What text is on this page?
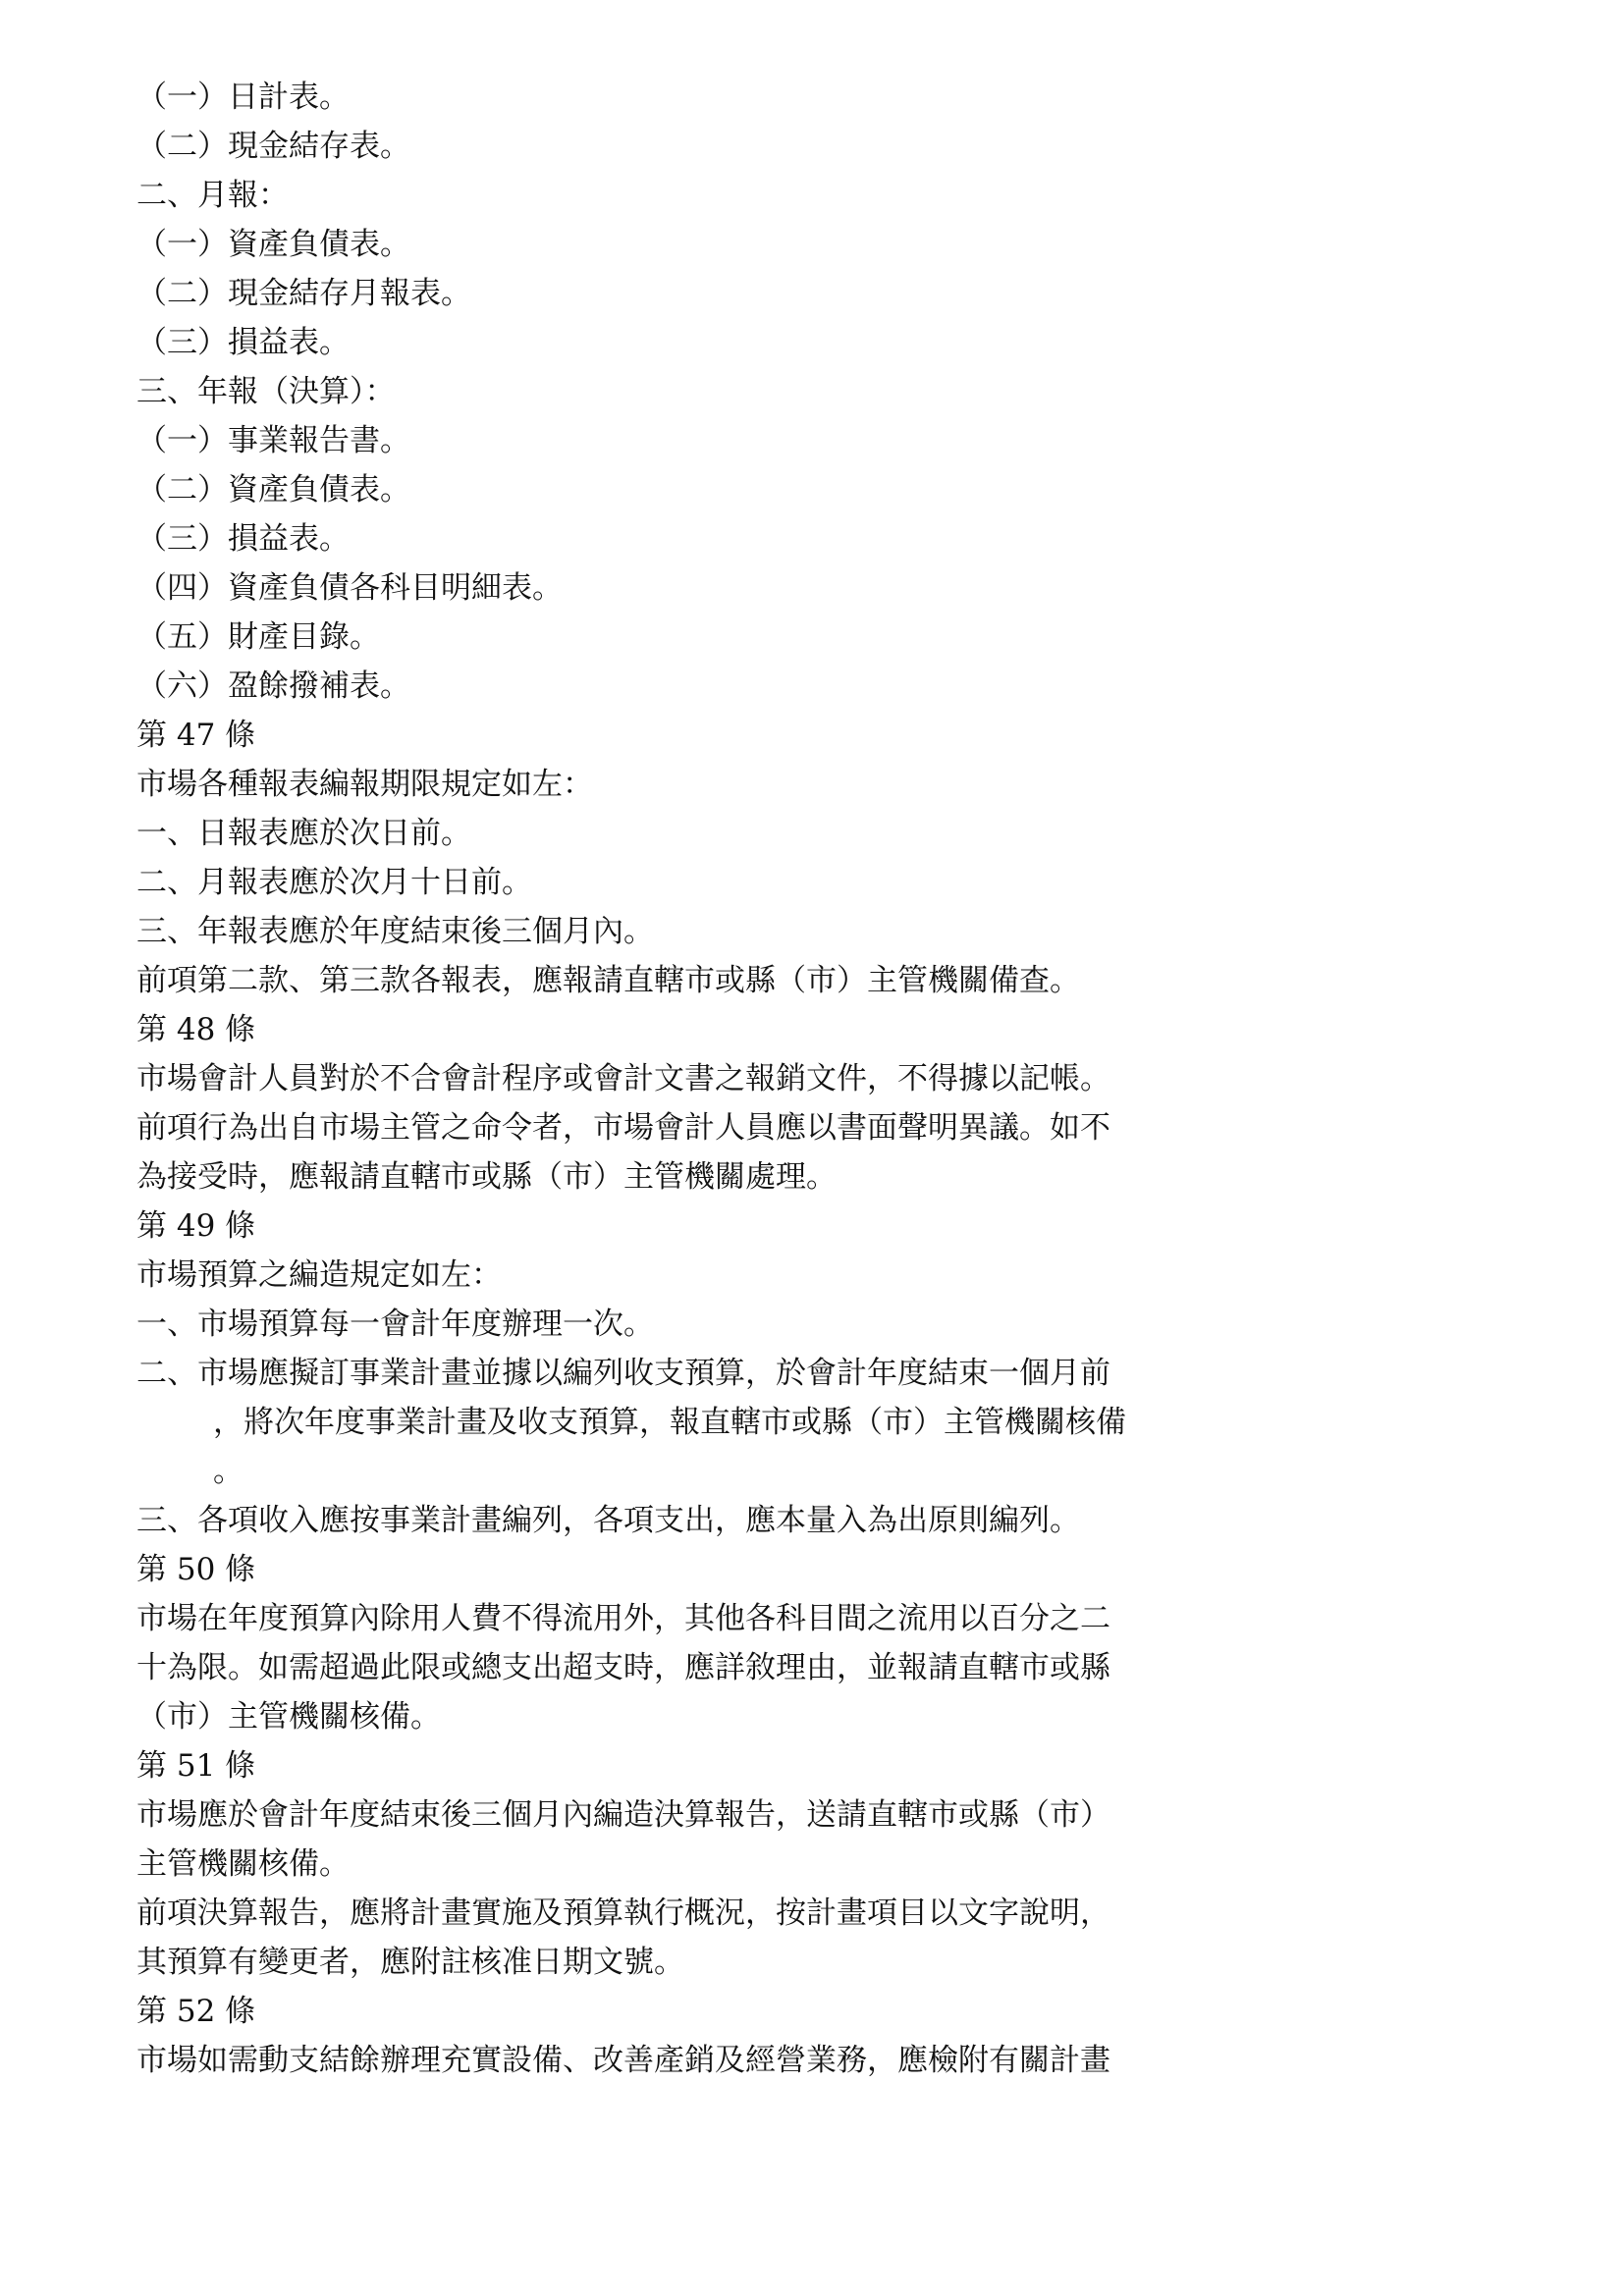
（一）日計表。
（二）現金結存表。
二、月報：
（一）資產負債表。
（二）現金結存月報表。
（三）損益表。
三、年報（決算）：
（一）事業報告書。
（二）資產負債表。
（三）損益表。
（四）資產負債各科目明細表。
（五）財產目錄。
（六）盈餘撥補表。
第 47 條
市場各種報表編報期限規定如左：
一、日報表應於次日前。
二、月報表應於次月十日前。
三、年報表應於年度結束後三個月內。
前項第二款、第三款各報表，應報請直轄市或縣（市）主管機關備查。
第 48 條
市場會計人員對於不合會計程序或會計文書之報銷文件，不得據以記帳。
前項行為出自市場主管之命令者，市場會計人員應以書面聲明異議。如不
為接受時，應報請直轄市或縣（市）主管機關處理。
第 49 條
市場預算之編造規定如左：
一、市場預算每一會計年度辦理一次。
二、市場應擬訂事業計畫並據以編列收支預算，於會計年度結束一個月前
，將次年度事業計畫及收支預算，報直轄市或縣（市）主管機關核備
。
三、各項收入應按事業計畫編列，各項支出，應本量入為出原則編列。
第 50 條
市場在年度預算內除用人費不得流用外，其他各科目間之流用以百分之二
十為限。如需超過此限或總支出超支時，應詳敘理由，並報請直轄市或縣
（市）主管機關核備。
第 51 條
市場應於會計年度結束後三個月內編造決算報告，送請直轄市或縣（市）
主管機關核備。
前項決算報告，應將計畫實施及預算執行概況，按計畫項目以文字說明，
其預算有變更者，應附註核准日期文號。
第 52 條
市場如需動支結餘辦理充實設備、改善產銷及經營業務，應檢附有關計畫
